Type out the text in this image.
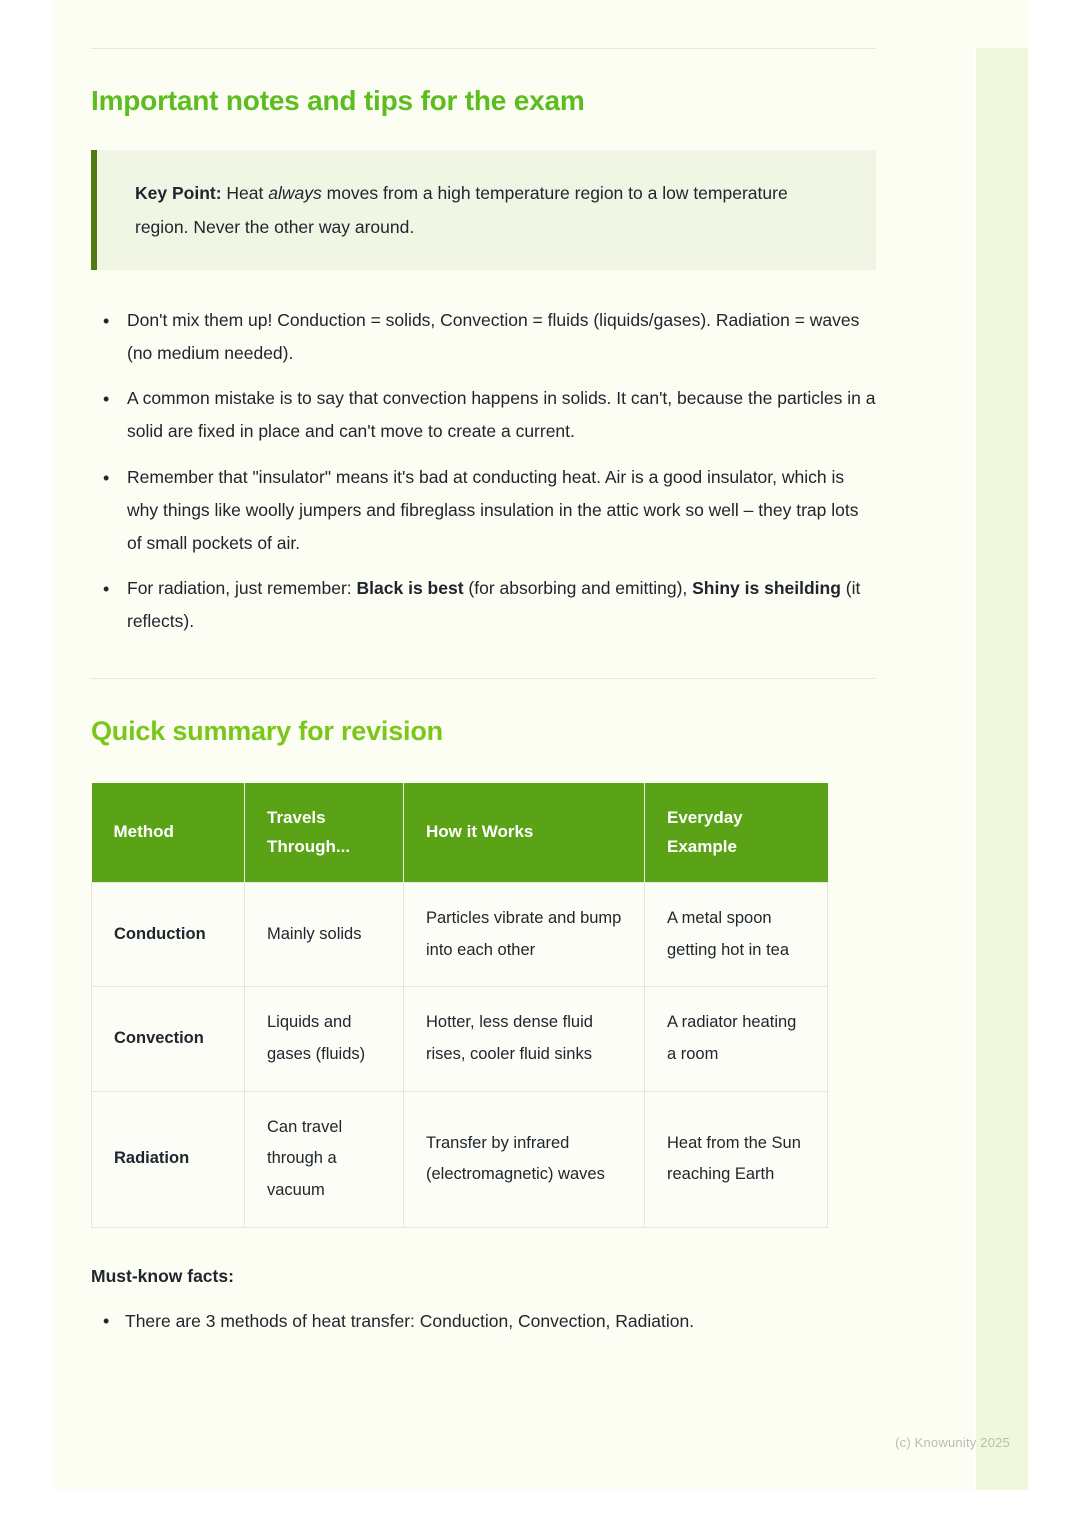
Important notes and tips for the exam

Key Point: Heat always moves from a high temperature region to a low temperature region. Never the other way around.

• Don't mix them up! Conduction = solids, Convection = fluids (liquids/gases). Radiation = waves (no medium needed).
• A common mistake is to say that convection happens in solids. It can't, because the particles in a solid are fixed in place and can't move to create a current.
• Remember that "insulator" means it's bad at conducting heat. Air is a good insulator, which is why things like woolly jumpers and fibreglass insulation in the attic work so well – they trap lots of small pockets of air.
• For radiation, just remember: Black is best (for absorbing and emitting), Shiny is sheilding (it reflects).
Quick summary for revision
Method	Travels Through...	How it Works	Everyday Example
Conduction	Mainly solids	Particles vibrate and bump into each other	A metal spoon getting hot in tea
Convection	Liquids and gases (fluids)	Hotter, less dense fluid rises, cooler fluid sinks	A radiator heating a room
Radiation	Can travel through a vacuum	Transfer by infrared (electromagnetic) waves	Heat from the Sun reaching Earth

Must-know facts:

• There are 3 methods of heat transfer: Conduction, Convection, Radiation.
(c) Knowunity 2025
